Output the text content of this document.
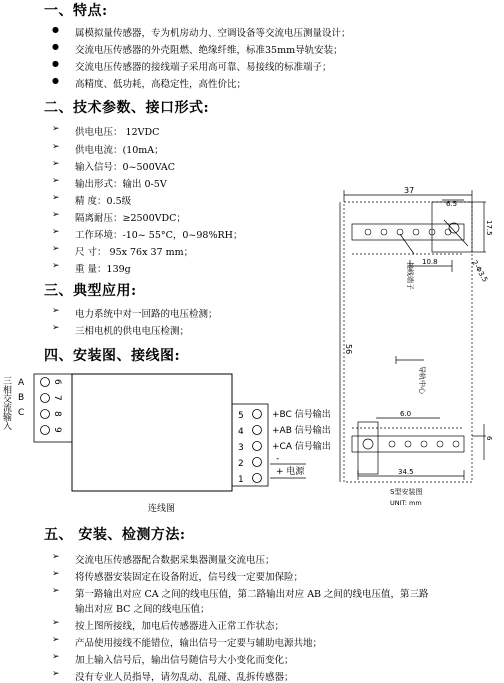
一、特点:
● 属模拟量传感器，专为机房动力、空调设备等交流电压测量设计；
● 交流电压传感器的外壳阻燃、绝缘纤维，标准35mm导轨安装；
● 交流电压传感器的接线端子采用高可靠、易接线的标准端子；
● 高精度、低功耗，高稳定性，高性价比；
二、技术参数、接口形式:
➢ 供电电压： 12VDC
➢ 供电电流：(10mA；
➢ 输入信号：0~500VAC
➢ 输出形式：输出 0-5V
➢ 精 度：0.5级
➢ 隔离耐压：≥2500VDC；
➢ 工作环境：-10~ 55°C，0~98%RH；
➢ 尺 寸： 95x 76x 37 mm；
➢ 重 量：139g
三、典型应用:
➢ 电力系统中对一回路的电压检测；
➢ 三相电机的供电电压检测；
四、安装图、接线图:
三相交流输入 A
B
C
6
7
8
9
5
4
3
2
1
+BC 信号输出
+AB 信号输出
+CA 信号输出
-
+ 电源
连线图
37
6.5
17.5
10.8	2-Φ3.5
56
6.0
34.5
6
接线端子
导轨中心
S型安装图
UNIT: mm
五、 安装、检测方法:
➢ 交流电压传感器配合数据采集器测量交流电压；
➢ 将传感器安装固定在设备附近，信号线一定要加保险；
➢ 第一路输出对应 CA 之间的线电压值，第二路输出对应 AB 之间的线电压值，第三路
输出对应 BC 之间的线电压值；
➢ 按上图所接线，加电后传感器进入正常工作状态；
➢ 产品使用接线不能错位，输出信号一定要与辅助电源共地；
➢ 加上输入信号后，输出信号随信号大小变化而变化；
➢ 没有专业人员指导，请勿乱动、乱碰、乱拆传感器；
